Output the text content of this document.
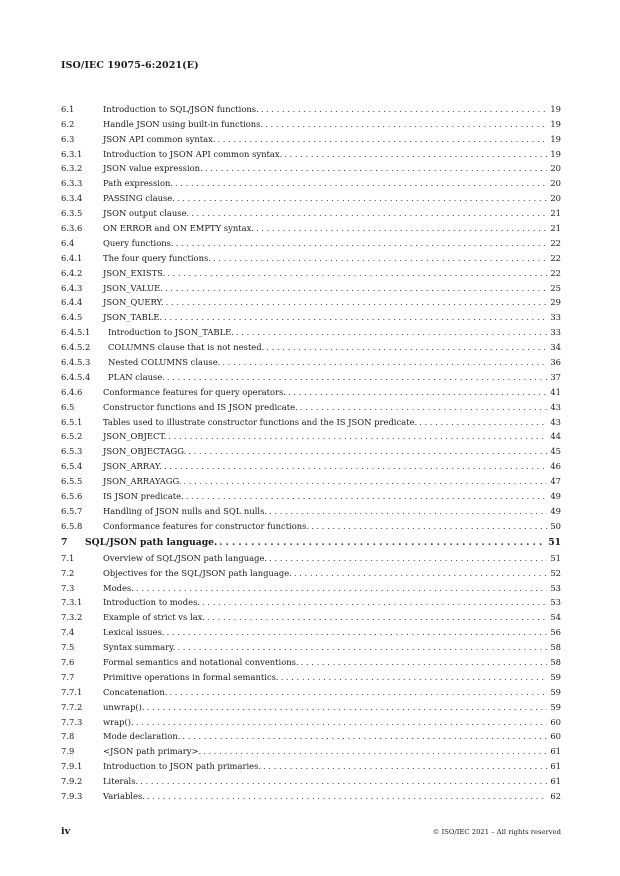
ISO/IEC 19075-6:2021(E)
6.1	Introduction to SQL/JSON functions. . . .	19
6.2	Handle JSON using built-in functions. . . .	19
6.3	JSON API common syntax. . . .	19
6.3.1	Introduction to JSON API common syntax. . . .	19
6.3.2	JSON value expression. . . .	20
6.3.3	Path expression. . . .	20
6.3.4	PASSING clause. . . .	20
6.3.5	JSON output clause. . . .	21
6.3.6	ON ERROR and ON EMPTY syntax. . . .	21
6.4	Query functions. . . .	22
6.4.1	The four query functions. . . .	22
6.4.2	JSON_EXISTS. . . .	22
6.4.3	JSON_VALUE. . . .	25
6.4.4	JSON_QUERY. . . .	29
6.4.5	JSON_TABLE. . . .	33
6.4.5.1	Introduction to JSON_TABLE. . . .	33
6.4.5.2	COLUMNS clause that is not nested. . . .	34
6.4.5.3	Nested COLUMNS clause. . . .	36
6.4.5.4	PLAN clause. . . .	37
6.4.6	Conformance features for query operators. . . .	41
6.5	Constructor functions and IS JSON predicate. . . .	43
6.5.1	Tables used to illustrate constructor functions and the IS JSON predicate. . . .	43
6.5.2	JSON_OBJECT. . . .	44
6.5.3	JSON_OBJECTAGG. . . .	45
6.5.4	JSON_ARRAY. . . .	46
6.5.5	JSON_ARRAYAGG. . . .	47
6.5.6	IS JSON predicate. . . .	49
6.5.7	Handling of JSON nulls and SQL nulls. . . .	49
6.5.8	Conformance features for constructor functions. . . .	50
7	SQL/JSON path language. . . .	51
7.1	Overview of SQL/JSON path language. . . .	51
7.2	Objectives for the SQL/JSON path language. . . .	52
7.3	Modes. . . .	53
7.3.1	Introduction to modes. . . .	53
7.3.2	Example of strict vs lax. . . .	54
7.4	Lexical issues. . . .	56
7.5	Syntax summary. . . .	58
7.6	Formal semantics and notational conventions. . . .	58
7.7	Primitive operations in formal semantics. . . .	59
7.7.1	Concatenation. . . .	59
7.7.2	unwrap(). . . .	59
7.7.3	wrap(). . . .	60
7.8	Mode declaration. . . .	60
7.9	<JSON path primary>. . . .	61
7.9.1	Introduction to JSON path primaries. . . .	61
7.9.2	Literals. . . .	61
7.9.3	Variables. . . .	62
iv	© ISO/IEC 2021 – All rights reserved
